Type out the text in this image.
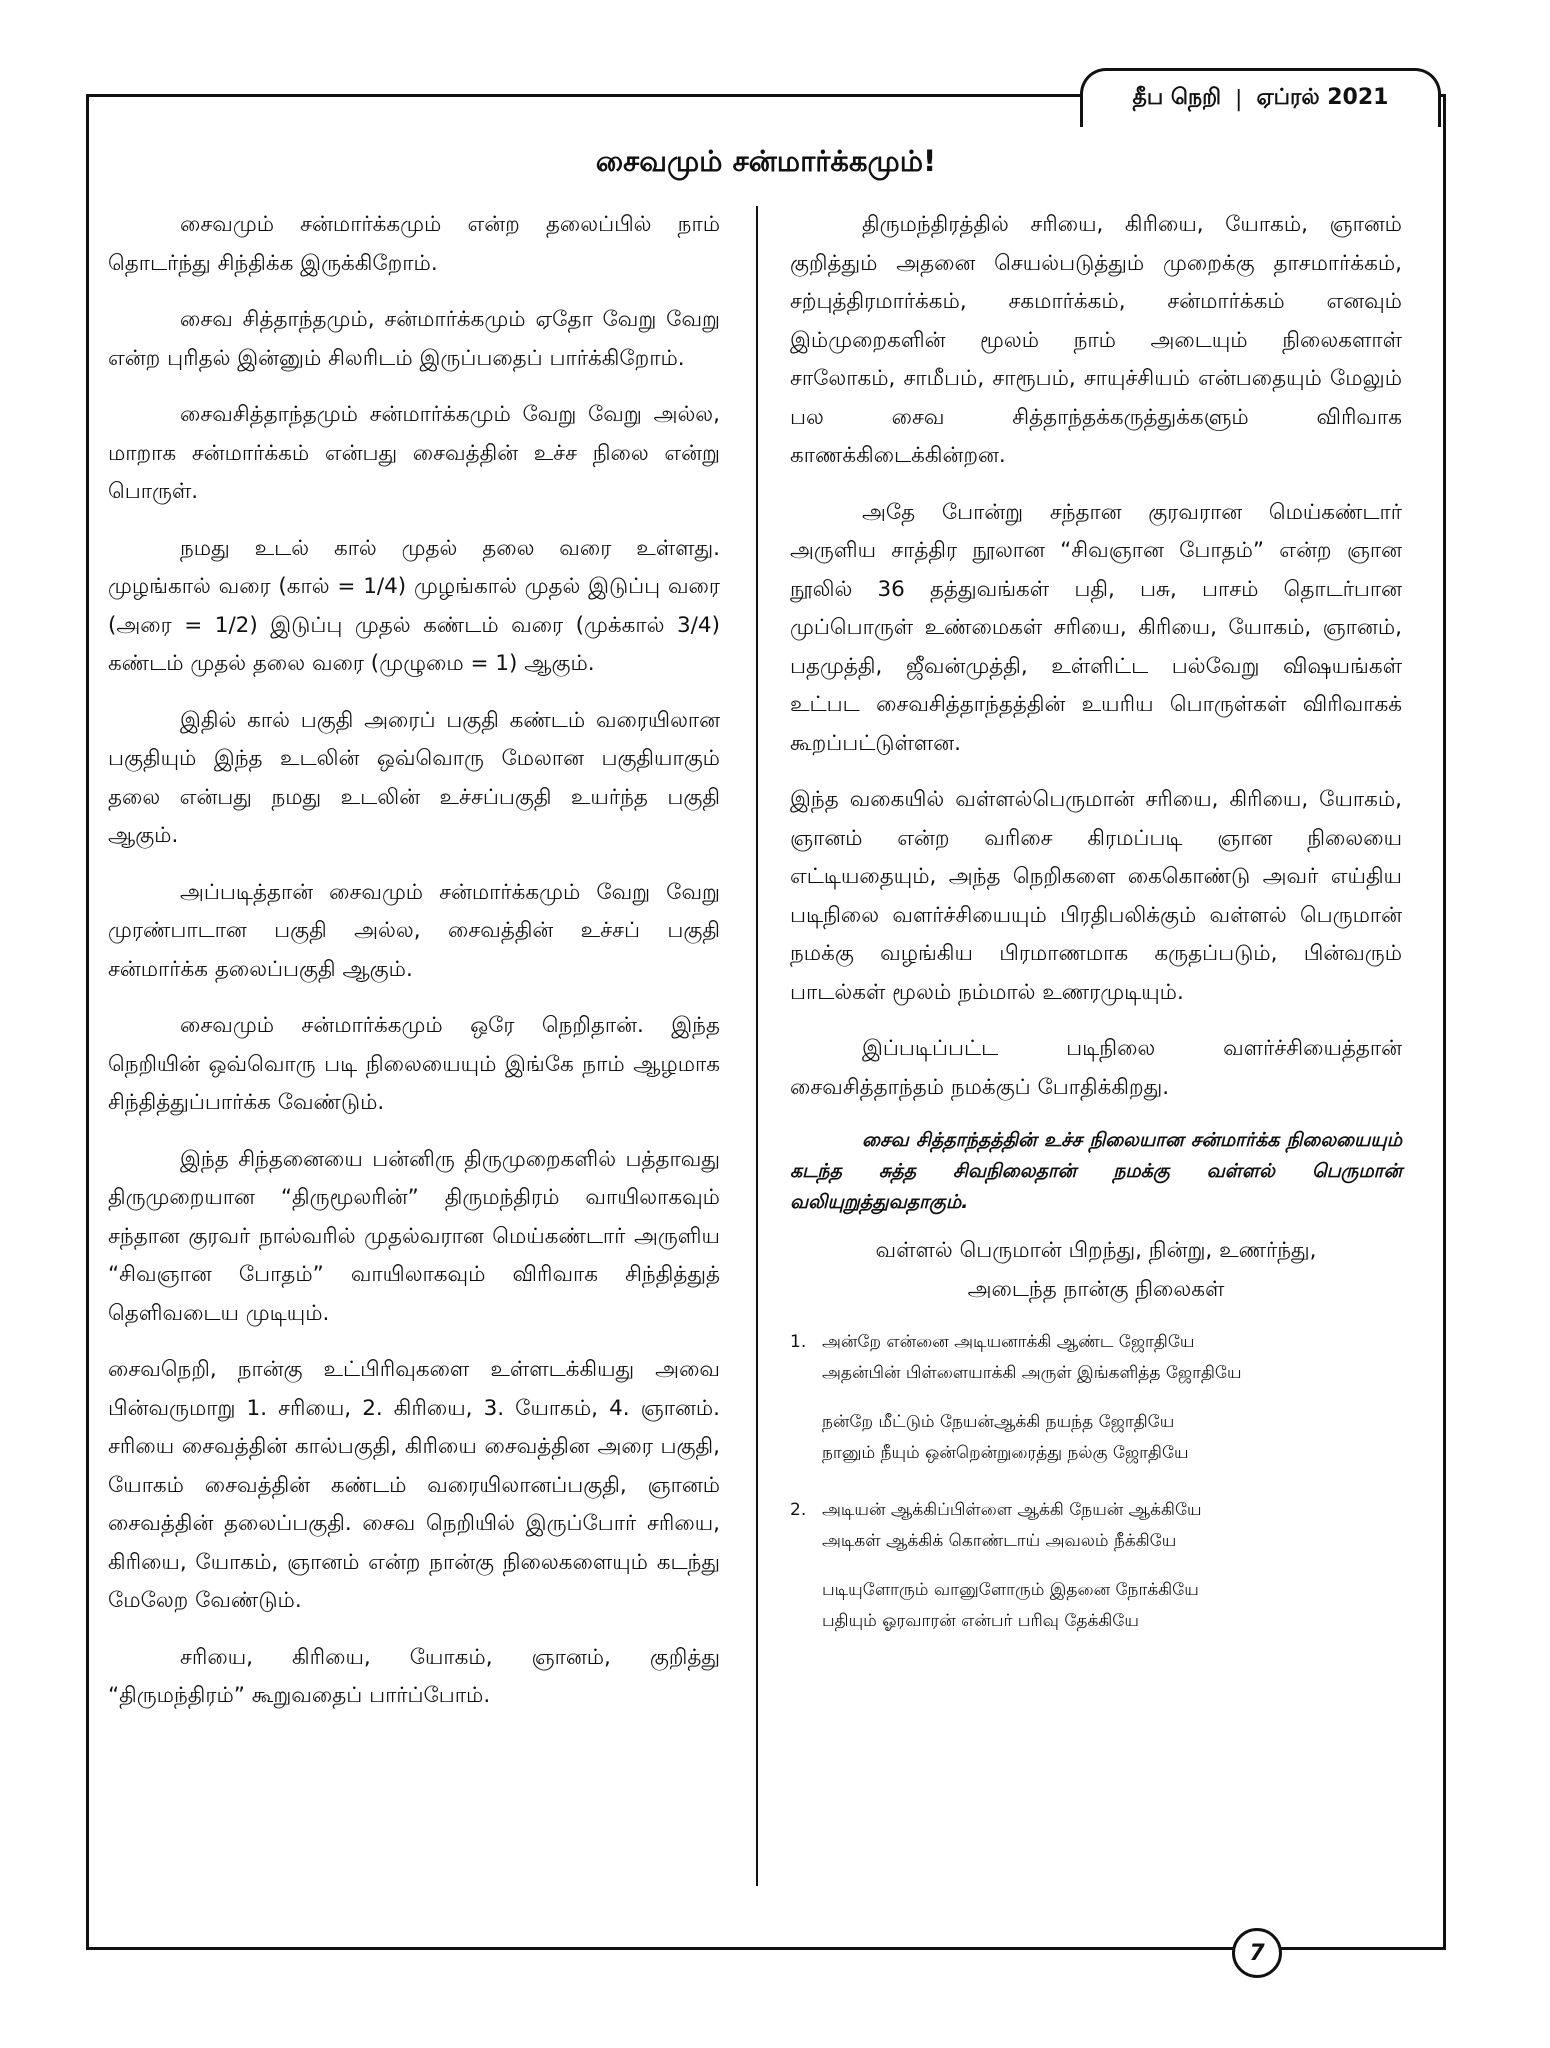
தீப நெறி | ஏப்ரல் 2021
சைவமும் சன்மார்க்கமும்!

சைவமும் சன்மார்க்கமும் என்ற தலைப்பில் நாம் தொடர்ந்து சிந்திக்க இருக்கிறோம்.

சைவ சித்தாந்தமும், சன்மார்க்கமும் ஏதோ வேறு வேறு என்ற புரிதல் இன்னும் சிலரிடம் இருப்பதைப் பார்க்கிறோம்.

சைவசித்தாந்தமும் சன்மார்க்கமும் வேறு வேறு அல்ல, மாறாக சன்மார்க்கம் என்பது சைவத்தின் உச்ச நிலை என்று பொருள்.

நமது உடல் கால் முதல் தலை வரை உள்ளது. முழங்கால் வரை (கால் = 1/4) முழங்கால் முதல் இடுப்பு வரை (அரை = 1/2) இடுப்பு முதல் கண்டம் வரை (முக்கால் 3/4) கண்டம் முதல் தலை வரை (முழுமை = 1) ஆகும்.

இதில் கால் பகுதி அரைப் பகுதி கண்டம் வரையிலான பகுதியும் இந்த உடலின் ஒவ்வொரு மேலான பகுதியாகும் தலை என்பது நமது உடலின் உச்சப்பகுதி உயர்ந்த பகுதி ஆகும்.

அப்படித்தான் சைவமும் சன்மார்க்கமும் வேறு வேறு முரண்பாடான பகுதி அல்ல, சைவத்தின் உச்சப் பகுதி சன்மார்க்க தலைப்பகுதி ஆகும்.

சைவமும் சன்மார்க்கமும் ஒரே நெறிதான். இந்த நெறியின் ஒவ்வொரு படி நிலையையும் இங்கே நாம் ஆழமாக சிந்தித்துப்பார்க்க வேண்டும்.

இந்த சிந்தனையை பன்னிரு திருமுறைகளில் பத்தாவது திருமுறையான “திருமூலரின்” திருமந்திரம் வாயிலாகவும் சந்தான குரவர் நால்வரில் முதல்வரான மெய்கண்டார் அருளிய “சிவஞான போதம்” வாயிலாகவும் விரிவாக சிந்தித்துத் தெளிவடைய முடியும்.

சைவநெறி, நான்கு உட்பிரிவுகளை உள்ளடக்கியது அவை பின்வருமாறு 1. சரியை, 2. கிரியை, 3. யோகம், 4. ஞானம். சரியை சைவத்தின் கால்பகுதி, கிரியை சைவத்தின அரை பகுதி, யோகம் சைவத்தின் கண்டம் வரையிலானப்பகுதி, ஞானம் சைவத்தின் தலைப்பகுதி. சைவ நெறியில் இருப்போர் சரியை, கிரியை, யோகம், ஞானம் என்ற நான்கு நிலைகளையும் கடந்து மேலேற வேண்டும்.

சரியை, கிரியை, யோகம், ஞானம், குறித்து “திருமந்திரம்” கூறுவதைப் பார்ப்போம்.

திருமந்திரத்தில் சரியை, கிரியை, யோகம், ஞானம் குறித்தும் அதனை செயல்படுத்தும் முறைக்கு தாசமார்க்கம், சற்புத்திரமார்க்கம், சகமார்க்கம், சன்மார்க்கம் எனவும் இம்முறைகளின் மூலம் நாம் அடையும் நிலைகளாள் சாலோகம், சாமீபம், சாரூபம், சாயுச்சியம் என்பதையும் மேலும் பல சைவ சித்தாந்தக்கருத்துக்களும் விரிவாக காணக்கிடைக்கின்றன.

அதே போன்று சந்தான குரவரான மெய்கண்டார் அருளிய சாத்திர நூலான “சிவஞான போதம்” என்ற ஞான நூலில் 36 தத்துவங்கள் பதி, பசு, பாசம் தொடர்பான முப்பொருள் உண்மைகள் சரியை, கிரியை, யோகம், ஞானம், பதமுத்தி, ஜீவன்முத்தி, உள்ளிட்ட பல்வேறு விஷயங்கள் உட்பட சைவசித்தாந்தத்தின் உயரிய பொருள்கள் விரிவாகக் கூறப்பட்டுள்ளன.

இந்த வகையில் வள்ளல்பெருமான் சரியை, கிரியை, யோகம், ஞானம் என்ற வரிசை கிரமப்படி ஞான நிலையை எட்டியதையும், அந்த நெறிகளை கைகொண்டு அவர் எய்திய படிநிலை வளர்ச்சியையும் பிரதிபலிக்கும் வள்ளல் பெருமான் நமக்கு வழங்கிய பிரமாணமாக கருதப்படும், பின்வரும் பாடல்கள் மூலம் நம்மால் உணரமுடியும்.

இப்படிப்பட்ட படிநிலை வளர்ச்சியைத்தான் சைவசித்தாந்தம் நமக்குப் போதிக்கிறது.

சைவ சித்தாந்தத்தின் உச்ச நிலையான சன்மார்க்க நிலையையும் கடந்த சுத்த சிவநிலைதான் நமக்கு வள்ளல் பெருமான் வலியுறுத்துவதாகும்.

வள்ளல் பெருமான் பிறந்து, நின்று, உணர்ந்து,
அடைந்த நான்கு நிலைகள்

1. அன்றே என்னை அடியனாக்கி ஆண்ட ஜோதியே
அதன்பின் பிள்ளையாக்கி அருள் இங்களித்த ஜோதியே
நன்றே மீட்டும் நேயன்ஆக்கி நயந்த ஜோதியே
நானும் நீயும் ஒன்றென்றுரைத்து நல்கு ஜோதியே
2. அடியன் ஆக்கிப்பிள்ளை ஆக்கி நேயன் ஆக்கியே
அடிகள் ஆக்கிக் கொண்டாய் அவலம் நீக்கியே
படியுளோரும் வானுளோரும் இதனை நோக்கியே
பதியும் ஓரவாரன் என்பர் பரிவு தேக்கியே
7
